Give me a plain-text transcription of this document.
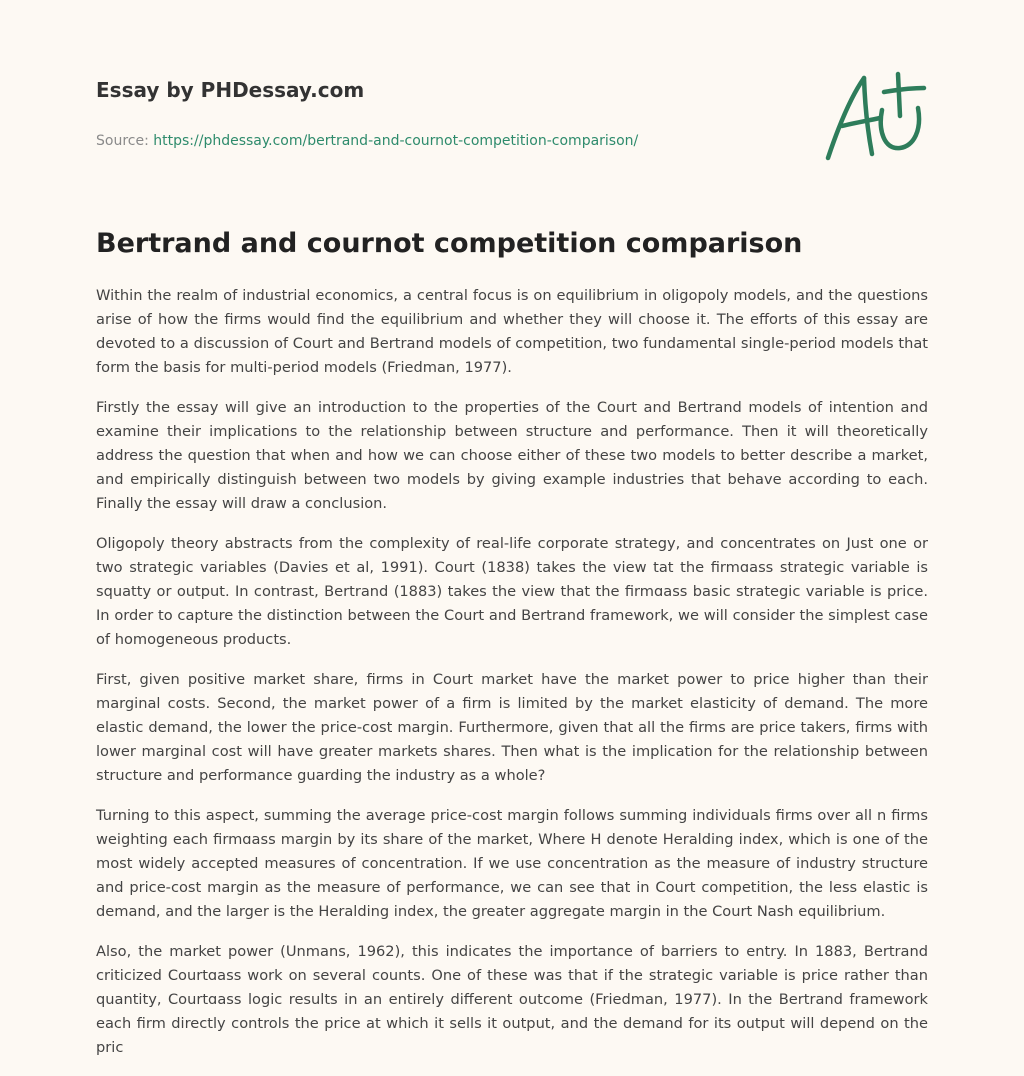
Essay by PHDessay.com
Source: https://phdessay.com/bertrand-and-cournot-competition-comparison/
Bertrand and cournot competition comparison

Within the realm of industrial economics, a central focus is on equilibrium in oligopoly models, and the questions arise of how the firms would find the equilibrium and whether they will choose it. The efforts of this essay are devoted to a discussion of Court and Bertrand models of competition, two fundamental single-period models that form the basis for multi-period models (Friedman, 1977).

Firstly the essay will give an introduction to the properties of the Court and Bertrand models of intention and examine their implications to the relationship between structure and performance. Then it will theoretically address the question that when and how we can choose either of these two models to better describe a market, and empirically distinguish between two models by giving example industries that behave according to each. Finally the essay will draw a conclusion.

Oligopoly theory abstracts from the complexity of real-life corporate strategy, and concentrates on Just one or two strategic variables (Davies et al, 1991). Court (1838) takes the view tat the firmɑass strategic variable is squatty or output. In contrast, Bertrand (1883) takes the view that the firmɑass basic strategic variable is price. In order to capture the distinction between the Court and Bertrand framework, we will consider the simplest case of homogeneous products.

First, given positive market share, firms in Court market have the market power to price higher than their marginal costs. Second, the market power of a firm is limited by the market elasticity of demand. The more elastic demand, the lower the price-cost margin. Furthermore, given that all the firms are price takers, firms with lower marginal cost will have greater markets shares. Then what is the implication for the relationship between structure and performance guarding the industry as a whole?

Turning to this aspect, summing the average price-cost margin follows summing individuals firms over all n firms weighting each firmɑass margin by its share of the market, Where H denote Heralding index, which is one of the most widely accepted measures of concentration. If we use concentration as the measure of industry structure and price-cost margin as the measure of performance, we can see that in Court competition, the less elastic is demand, and the larger is the Heralding index, the greater aggregate margin in the Court Nash equilibrium.

Also, the market power (Unmans, 1962), this indicates the importance of barriers to entry. In 1883, Bertrand criticized Courtɑass work on several counts. One of these was that if the strategic variable is price rather than quantity, Courtɑass logic results in an entirely different outcome (Friedman, 1977). In the Bertrand framework each firm directly controls the price at which it sells it output, and the demand for its output will depend on the pric
